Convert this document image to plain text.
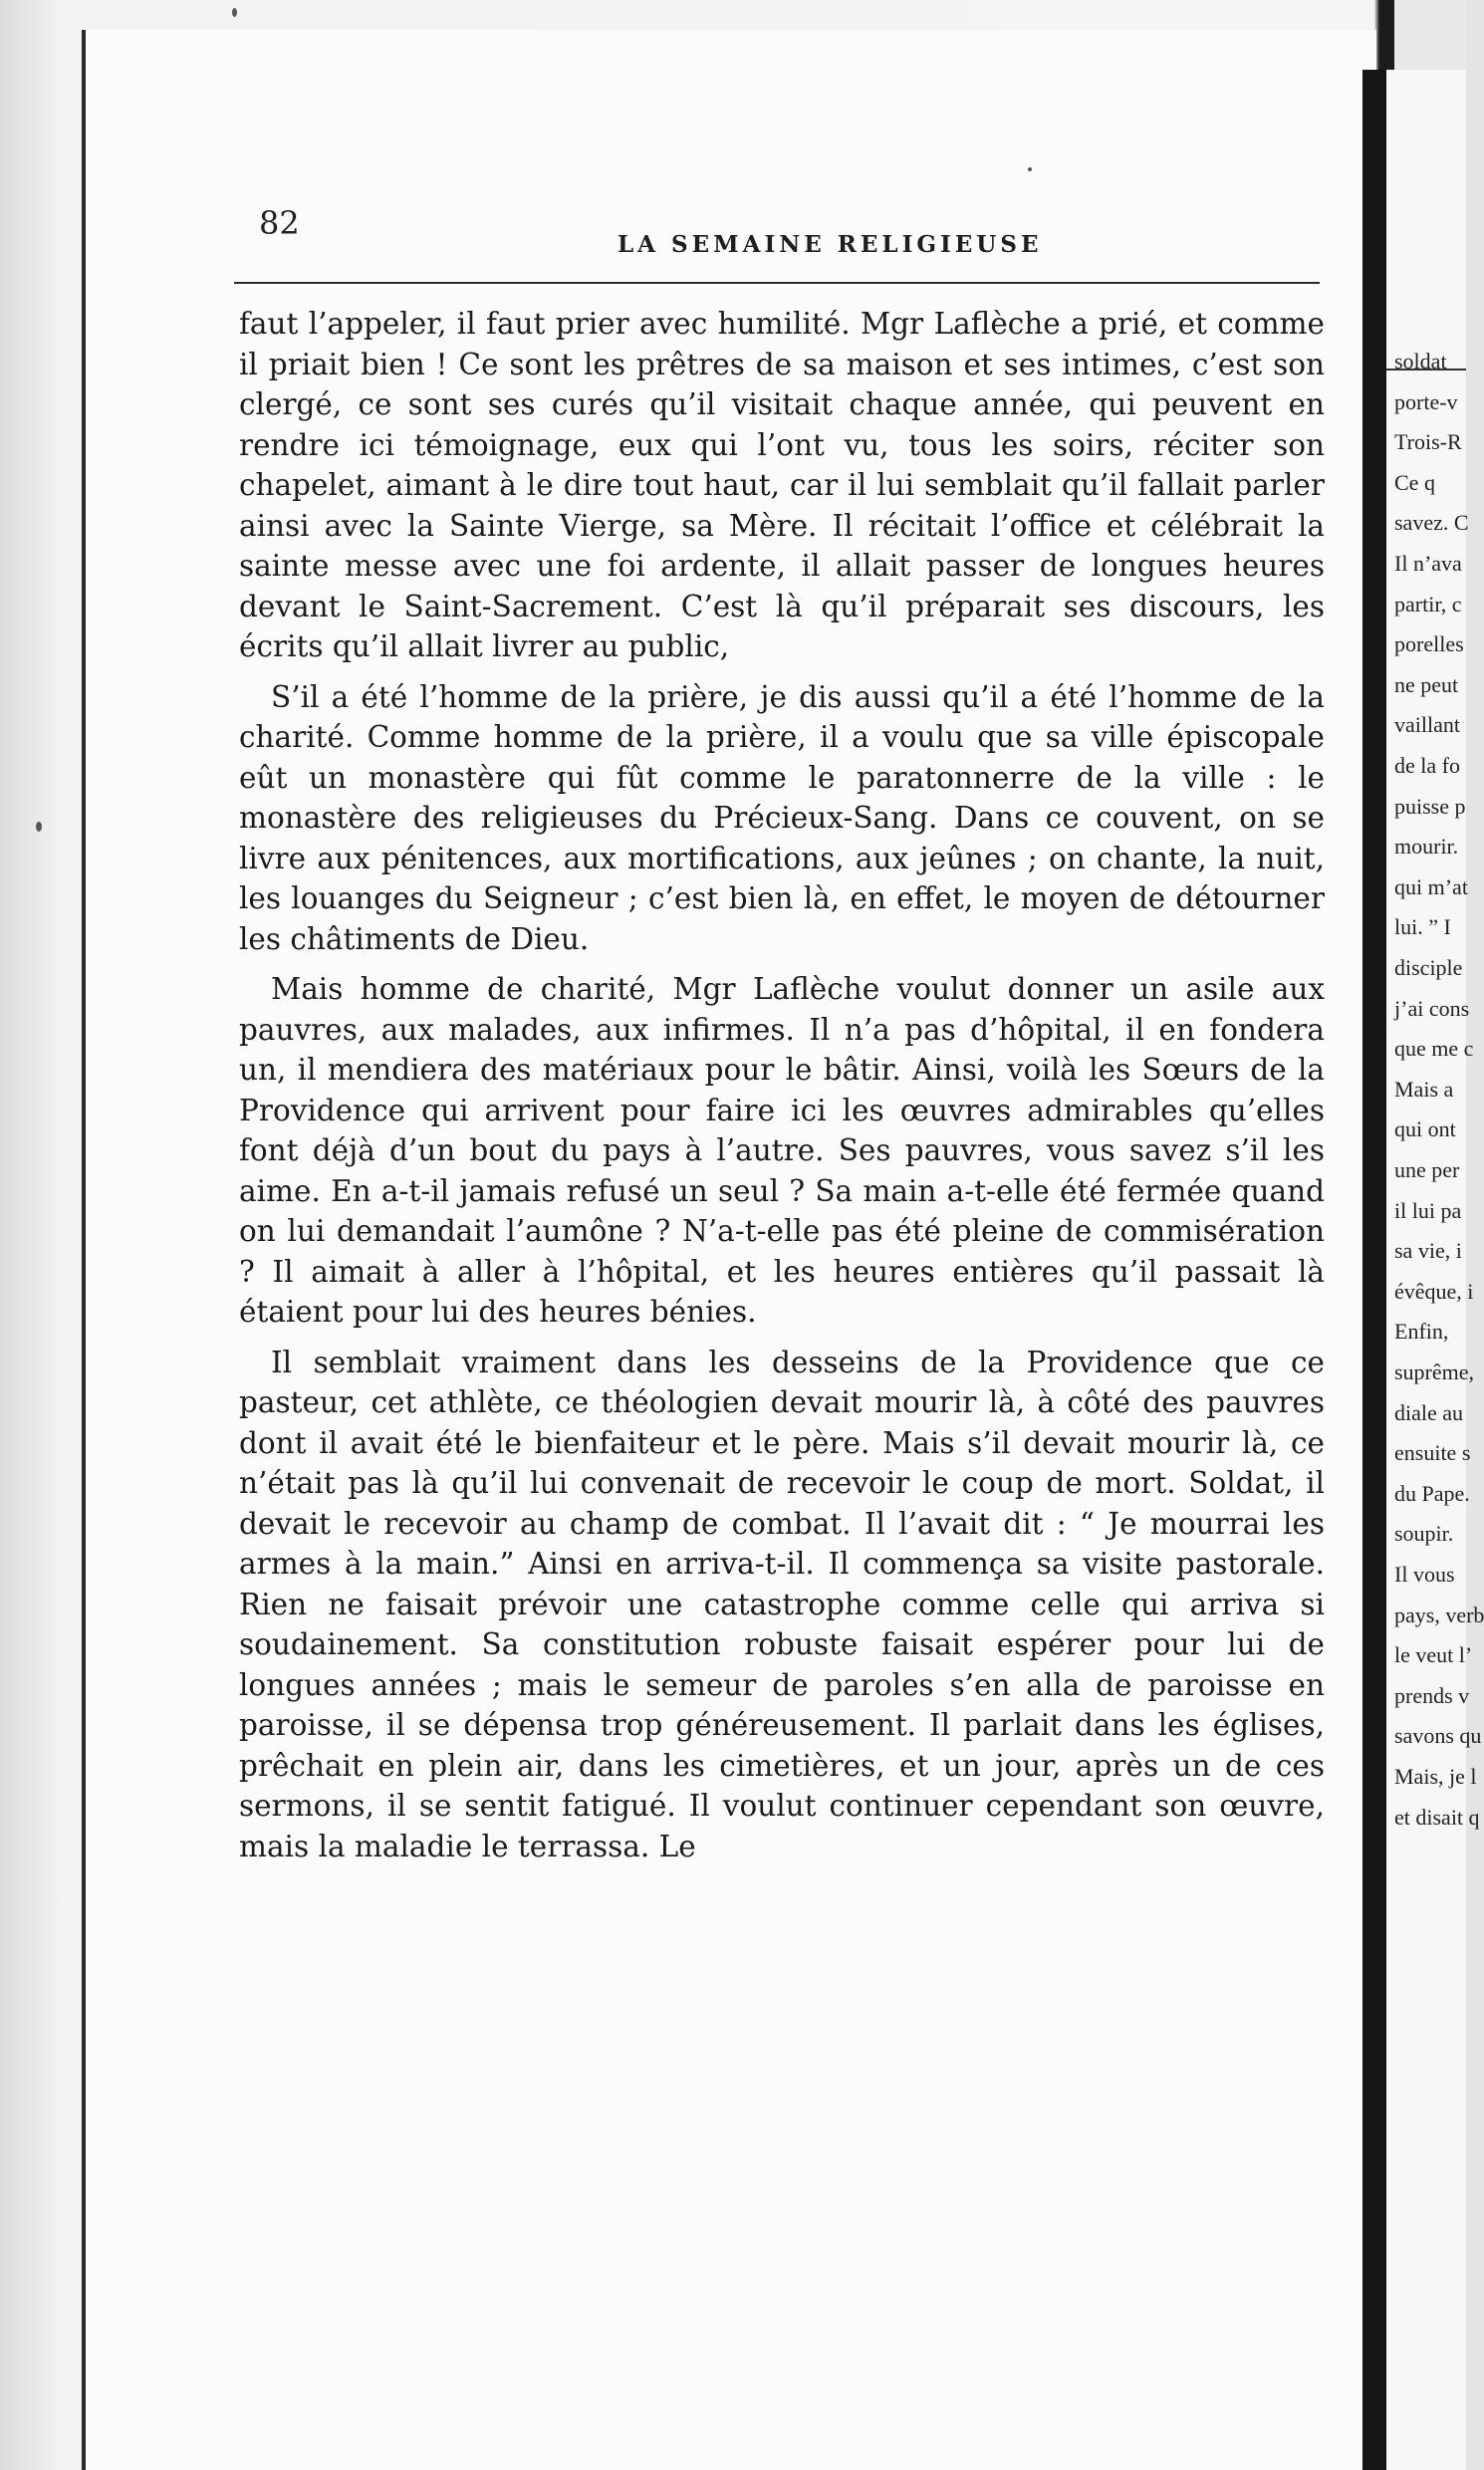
82
LA SEMAINE RELIGIEUSE

faut l’appeler, il faut prier avec humilité. Mgr Laflèche a prié, et comme il priait bien ! Ce sont les prêtres de sa maison et ses intimes, c’est son clergé, ce sont ses curés qu’il visitait chaque année, qui peuvent en rendre ici témoignage, eux qui l’ont vu, tous les soirs, réciter son chapelet, aimant à le dire tout haut, car il lui semblait qu’il fallait parler ainsi avec la Sainte Vierge, sa Mère. Il récitait l’office et célébrait la sainte messe avec une foi ardente, il allait passer de longues heures devant le Saint-Sacrement. C’est là qu’il préparait ses discours, les écrits qu’il allait livrer au public,

S’il a été l’homme de la prière, je dis aussi qu’il a été l’homme de la charité. Comme homme de la prière, il a voulu que sa ville épiscopale eût un monastère qui fût comme le paratonnerre de la ville : le monastère des religieuses du Précieux-Sang. Dans ce couvent, on se livre aux pénitences, aux mortifications, aux jeûnes ; on chante, la nuit, les louanges du Seigneur ; c’est bien là, en effet, le moyen de détourner les châtiments de Dieu.

Mais homme de charité, Mgr Laflèche voulut donner un asile aux pauvres, aux malades, aux infirmes. Il n’a pas d’hôpital, il en fondera un, il mendiera des matériaux pour le bâtir. Ainsi, voilà les Sœurs de la Providence qui arrivent pour faire ici les œuvres admirables qu’elles font déjà d’un bout du pays à l’autre. Ses pauvres, vous savez s’il les aime. En a-t-il jamais refusé un seul ? Sa main a-t-elle été fermée quand on lui demandait l’aumône ? N’a-t-elle pas été pleine de commisération ? Il aimait à aller à l’hôpital, et les heures entières qu’il passait là étaient pour lui des heures bénies.

Il semblait vraiment dans les desseins de la Providence que ce pasteur, cet athlète, ce théologien devait mourir là, à côté des pauvres dont il avait été le bienfaiteur et le père. Mais s’il devait mourir là, ce n’était pas là qu’il lui convenait de recevoir le coup de mort. Soldat, il devait le recevoir au champ de combat. Il l’avait dit : “ Je mourrai les armes à la main.” Ainsi en arriva-t-il. Il commença sa visite pastorale. Rien ne faisait prévoir une catastrophe comme celle qui arriva si soudainement. Sa constitution robuste faisait espérer pour lui de longues années ; mais le semeur de paroles s’en alla de paroisse en paroisse, il se dépensa trop généreusement. Il parlait dans les églises, prêchait en plein air, dans les cimetières, et un jour, après un de ces sermons, il se sentit fatigué. Il voulut continuer cependant son œuvre, mais la maladie le terrassa. Le

soldat
porte-v
Trois-R
Ce q
savez. C
Il n’ava
partir, c
porelles
ne peut
vaillant
de la fo
puisse p
mourir.
qui m’at
lui. ” I
disciple
j’ai cons
que me c
Mais a
qui ont
une per
il lui pa
sa vie, i
évêque, i
Enfin,
suprême,
diale au
ensuite s
du Pape.
soupir.
Il vous
pays, verb
le veut l’
prends v
savons qu
Mais, je l
et disait q
